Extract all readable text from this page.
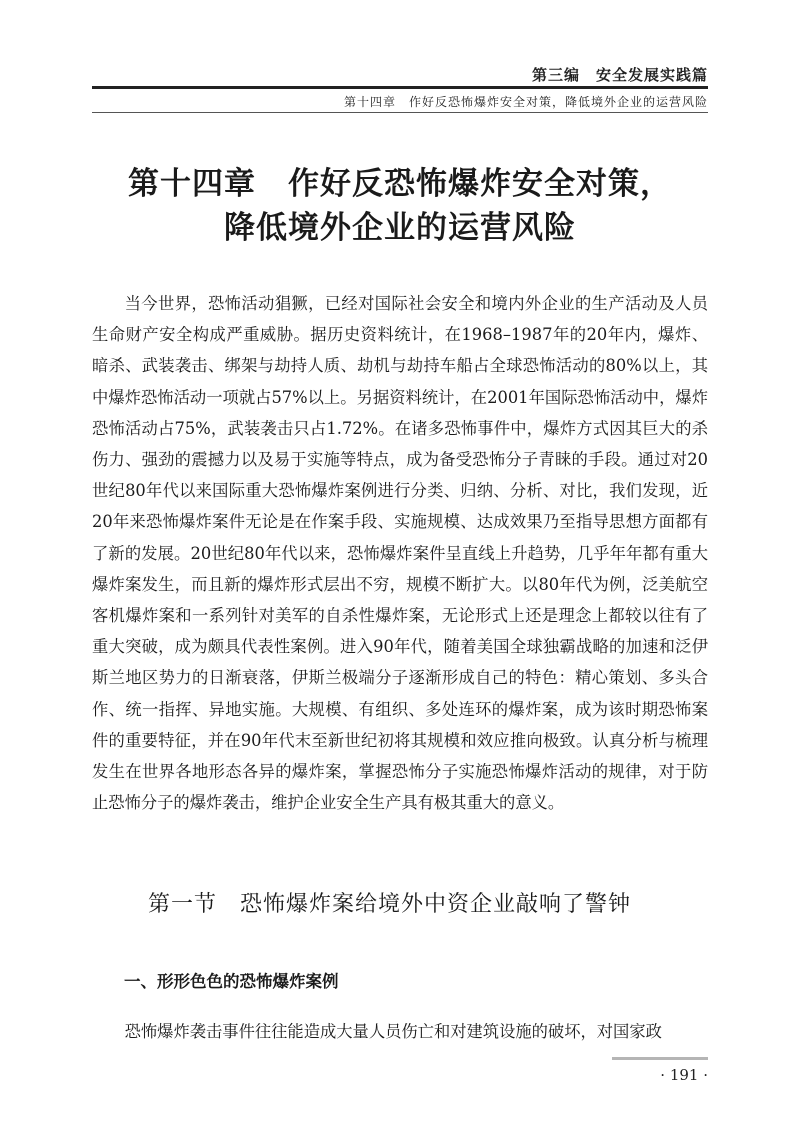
第三编　安全发展实践篇
第十四章　作好反恐怖爆炸安全对策，降低境外企业的运营风险
第十四章　作好反恐怖爆炸安全对策，
降低境外企业的运营风险

当今世界，恐怖活动猖獗，已经对国际社会安全和境内外企业的生产活动及人员生命财产安全构成严重威胁。据历史资料统计，在1968–1987年的20年内，爆炸、暗杀、武装袭击、绑架与劫持人质、劫机与劫持车船占全球恐怖活动的80%以上，其中爆炸恐怖活动一项就占57%以上。另据资料统计，在2001年国际恐怖活动中，爆炸恐怖活动占75%，武装袭击只占1.72%。在诸多恐怖事件中，爆炸方式因其巨大的杀伤力、强劲的震撼力以及易于实施等特点，成为备受恐怖分子青睐的手段。通过对20世纪80年代以来国际重大恐怖爆炸案例进行分类、归纳、分析、对比，我们发现，近20年来恐怖爆炸案件无论是在作案手段、实施规模、达成效果乃至指导思想方面都有了新的发展。20世纪80年代以来，恐怖爆炸案件呈直线上升趋势，几乎年年都有重大爆炸案发生，而且新的爆炸形式层出不穷，规模不断扩大。以80年代为例，泛美航空客机爆炸案和一系列针对美军的自杀性爆炸案，无论形式上还是理念上都较以往有了重大突破，成为颇具代表性案例。进入90年代，随着美国全球独霸战略的加速和泛伊斯兰地区势力的日渐衰落，伊斯兰极端分子逐渐形成自己的特色：精心策划、多头合作、统一指挥、异地实施。大规模、有组织、多处连环的爆炸案，成为该时期恐怖案件的重要特征，并在90年代末至新世纪初将其规模和效应推向极致。认真分析与梳理发生在世界各地形态各异的爆炸案，掌握恐怖分子实施恐怖爆炸活动的规律，对于防止恐怖分子的爆炸袭击，维护企业安全生产具有极其重大的意义。

第一节　恐怖爆炸案给境外中资企业敲响了警钟
一、形形色色的恐怖爆炸案例

恐怖爆炸袭击事件往往能造成大量人员伤亡和对建筑设施的破坏，对国家政

· 191 ·
